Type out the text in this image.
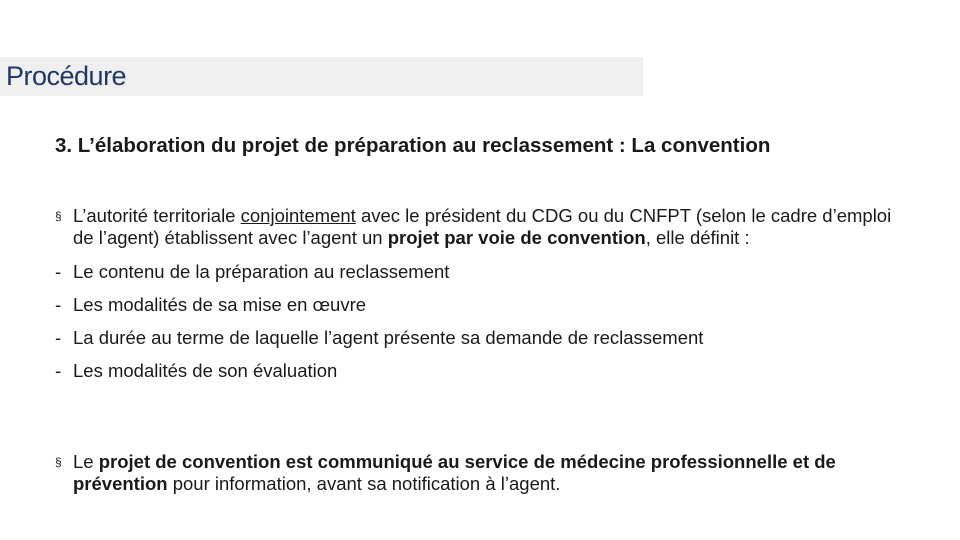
Procédure
3. L’élaboration du projet de préparation au reclassement : La convention
§ L’autorité territoriale conjointement avec le président du CDG ou du CNFPT (selon le cadre d’emploi de l’agent) établissent avec l’agent un projet par voie de convention, elle définit :
- Le contenu de la préparation au reclassement
- Les modalités de sa mise en œuvre
- La durée au terme de laquelle l’agent présente sa demande de reclassement
- Les modalités de son évaluation
§ Le projet de convention est communiqué au service de médecine professionnelle et de prévention pour information, avant sa notification à l’agent.
